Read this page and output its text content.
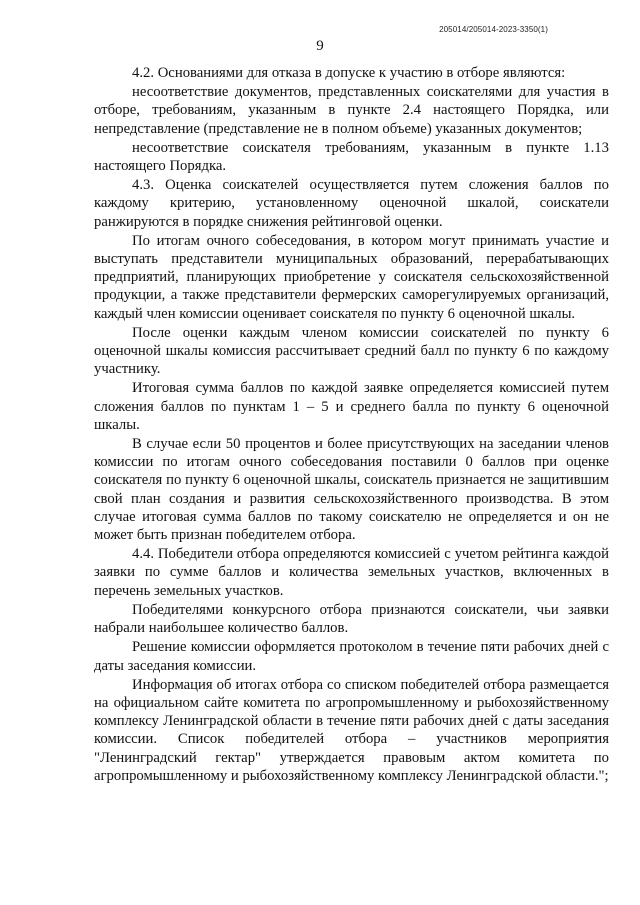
205014/205014-2023-3350(1)
9

4.2. Основаниями для отказа в допуске к участию в отборе являются:

несоответствие документов, представленных соискателями для участия в отборе, требованиям, указанным в пункте 2.4 настоящего Порядка, или непредставление (представление не в полном объеме) указанных документов;

несоответствие соискателя требованиям, указанным в пункте 1.13 настоящего Порядка.

4.3. Оценка соискателей осуществляется путем сложения баллов по каждому критерию, установленному оценочной шкалой, соискатели ранжируются в порядке снижения рейтинговой оценки.

По итогам очного собеседования, в котором могут принимать участие и выступать представители муниципальных образований, перерабатывающих предприятий, планирующих приобретение у соискателя сельскохозяйственной продукции, а также представители фермерских саморегулируемых организаций, каждый член комиссии оценивает соискателя по пункту 6 оценочной шкалы.

После оценки каждым членом комиссии соискателей по пункту 6 оценочной шкалы комиссия рассчитывает средний балл по пункту 6 по каждому участнику.

Итоговая сумма баллов по каждой заявке определяется комиссией путем сложения баллов по пунктам 1 – 5 и среднего балла по пункту 6 оценочной шкалы.

В случае если 50 процентов и более присутствующих на заседании членов комиссии по итогам очного собеседования поставили 0 баллов при оценке соискателя по пункту 6 оценочной шкалы, соискатель признается не защитившим свой план создания и развития сельскохозяйственного производства. В этом случае итоговая сумма баллов по такому соискателю не определяется и он не может быть признан победителем отбора.

4.4. Победители отбора определяются комиссией с учетом рейтинга каждой заявки по сумме баллов и количества земельных участков, включенных в перечень земельных участков.

Победителями конкурсного отбора признаются соискатели, чьи заявки набрали наибольшее количество баллов.

Решение комиссии оформляется протоколом в течение пяти рабочих дней с даты заседания комиссии.

Информация об итогах отбора со списком победителей отбора размещается на официальном сайте комитета по агропромышленному и рыбохозяйственному комплексу Ленинградской области в течение пяти рабочих дней с даты заседания комиссии. Список победителей отбора – участников мероприятия "Ленинградский гектар" утверждается правовым актом комитета по агропромышленному и рыбохозяйственному комплексу Ленинградской области.";
